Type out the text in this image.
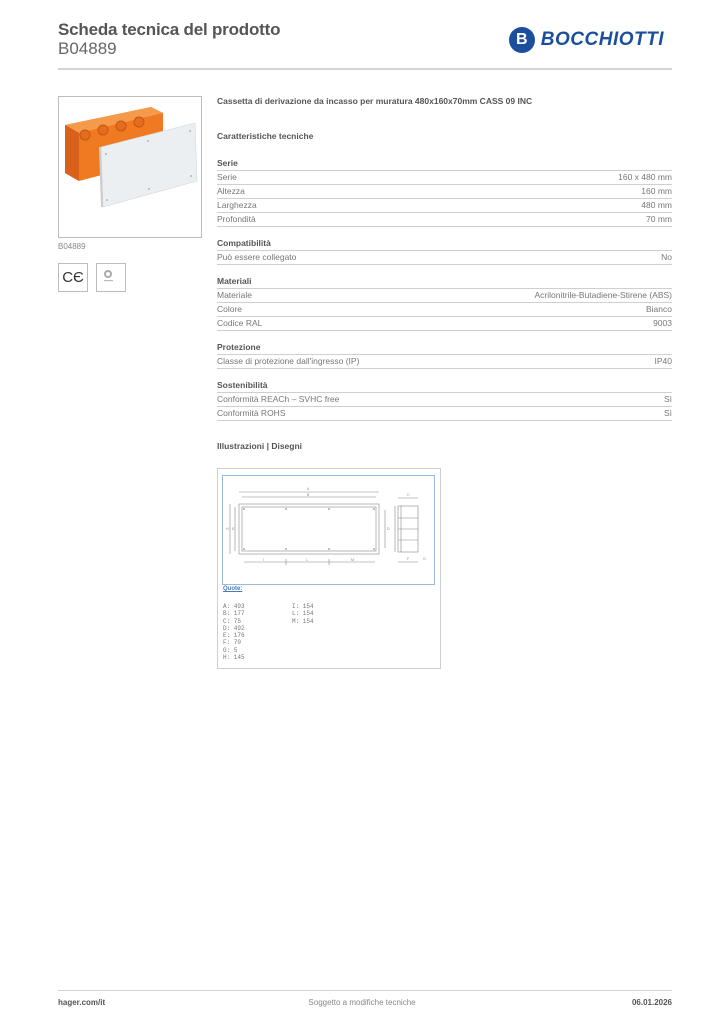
Scheda tecnica del prodotto
B04889	B BOCCHIOTTI
B04889
CЄ
Cassetta di derivazione da incasso per muratura 480x160x70mm CASS 09 INC
Caratteristiche tecniche
Serie
Serie	160 x 480 mm
Altezza	160 mm
Larghezza	480 mm
Profondità	70 mm
Compatibilità
Può essere collegato	No
Materiali
Materiale	Acrilonitrile-Butadiene-Stirene (ABS)
Colore	Bianco
Codice RAL	9003
Protezione
Classe di protezione dall'ingresso (IP)	IP40
Sostenibilità
Conformità REACh – SVHC free	Sì
Conformità ROHS	Sì
Illustrazioni | Disegni
A
B
H E	D
I	L	M
C
F	G
Quote:
A: 493
B: 177
C: 75
D: 492
E: 176
F: 70
G: 5
H: 145
I: 154
L: 154
M: 154
hager.com/it	Soggetto a modifiche tecniche	06.01.2026
